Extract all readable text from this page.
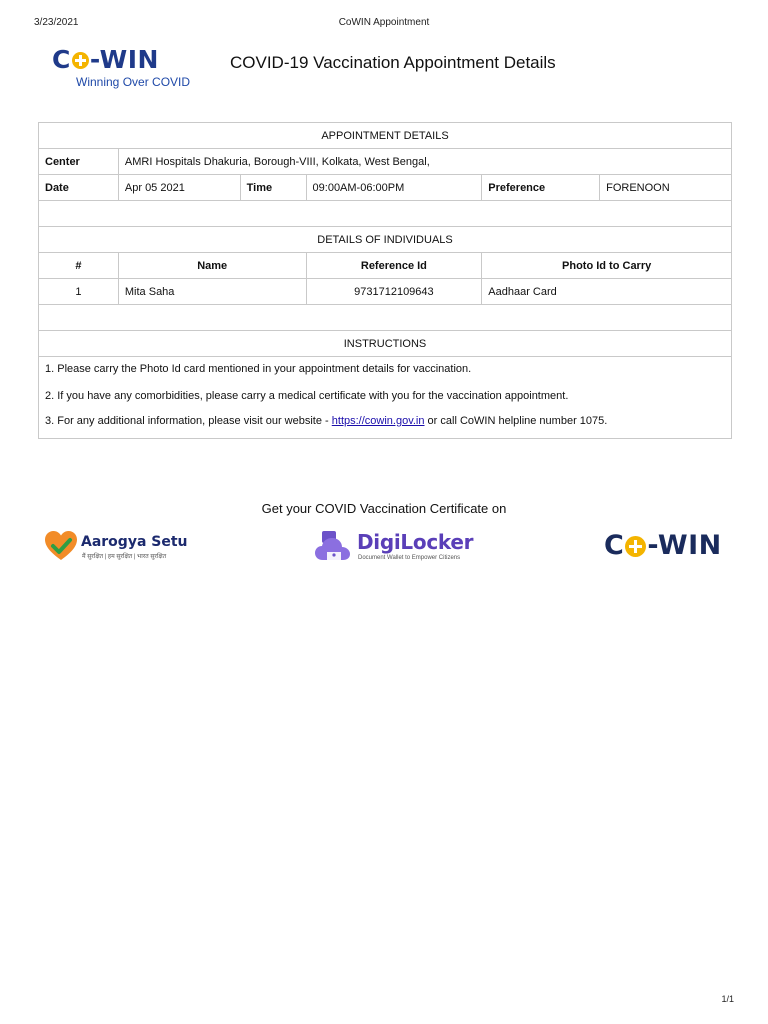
3/23/2021	CoWIN Appointment
C -WIN
Winning Over COVID
COVID-19 Vaccination Appointment Details
APPOINTMENT DETAILS					
Center	AMRI Hospitals Dhakuria, Borough-VIII, Kolkata, West Bengal,				
Date	Apr 05 2021	Time	09:00AM-06:00PM	Preference	FORENOON

DETAILS OF INDIVIDUALS					
#	Name		Reference Id	Photo Id to Carry	
1	Mita Saha		9731712109643	Aadhaar Card	

INSTRUCTIONS					

1. Please carry the Photo Id card mentioned in your appointment details for vaccination.
2. If you have any comorbidities, please carry a medical certificate with you for the vaccination appointment.
3. For any additional information, please visit our website - https://cowin.gov.in or call CoWIN helpline number 1075.					
Get your COVID Vaccination Certificate on
Aarogya Setu
मैं सुरक्षित | हम सुरक्षित | भारत सुरक्षित
DigiLocker
Document Wallet to Empower Citizens	C -WIN
1/1
